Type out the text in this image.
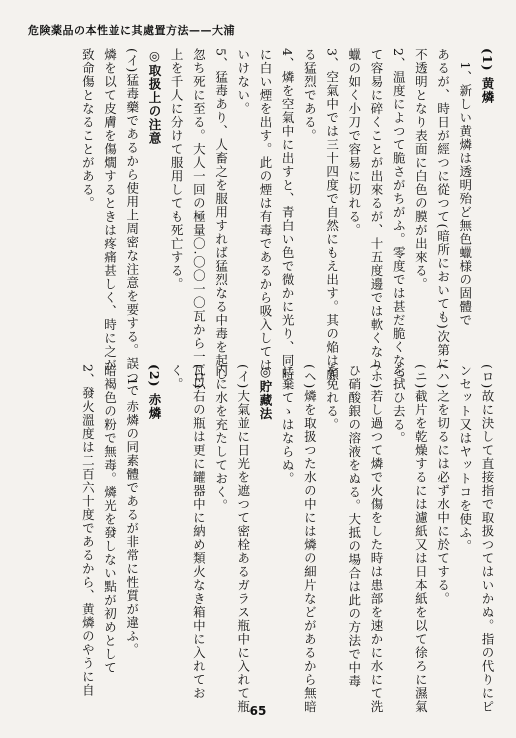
危険薬品の本性並に其處置方法——大浦
(1) 黄燐
　1、新しい黄燐は透明殆ど無色蠟様の固體で
あるが、時日が經つに從つて(暗所においても)次第に
不透明となり表面に白色の膜が出來る。
2、温度によつて脆さがちがふ。零度では甚だ脆くなつ
て容易に碎くことが出來るが、十五度邊では軟くなり
蠟の如く小刀で容易に切れる。
3、空氣中では三十四度で自然にもえ出す。其の焔は頗
る猛烈である。
4、燐を空氣中に出すと、青白い色で微かに光り、同時
に白い煙を出す。此の煙は有毒であるから吸入しては
いけない。
5、猛毒あり、人畜之を服用すれば猛烈なる中毒を起し
忽ち死に至る。大人一回の極量〇.〇〇一〇瓦から一瓦以
上を千人に分けて服用しても死亡する。
◎取扱上の注意
(イ)猛毒藥であるから使用上周密な注意を要する。誤つて
燐を以て皮膚を傷燗するときは疼痛甚しく、時に之が
致命傷となることがある。
(ロ)故に決して直接指で取扱つてはいかぬ。指の代りにピ
ンセット又はヤットコを使ふ。
(ハ)之を切るには必ず水中に於てする。
(ニ)截片を乾燥するには濾紙又は日本紙を以て徐ろに濕氣
を拭ひ去る。
(ホ)若し過つて燐で火傷をした時は患部を速かに水にて洗
ひ硝酸銀の溶液をぬる。大抵の場合は此の方法で中毒
を免れる。
(ヘ)燐を取扱つた水の中には燐の細片などがあるから無暗
に棄てゝはならぬ。
◎貯藏法
(イ)大氣並に日光を遮つて密栓あるガラス瓶中に入れて瓶
内に水を充たしておく。
(ロ)右の瓶は更に罐器中に納め類火なき箱中に入れてお
く。
(2) 赤燐
　1、赤燐の同素體であるが非常に性質が違ふ。
暗褐色の粉で無毒。燐光を發しない點が初めとして
2、發火溫度は二百六十度であるから、黄燐のやうに自
65
